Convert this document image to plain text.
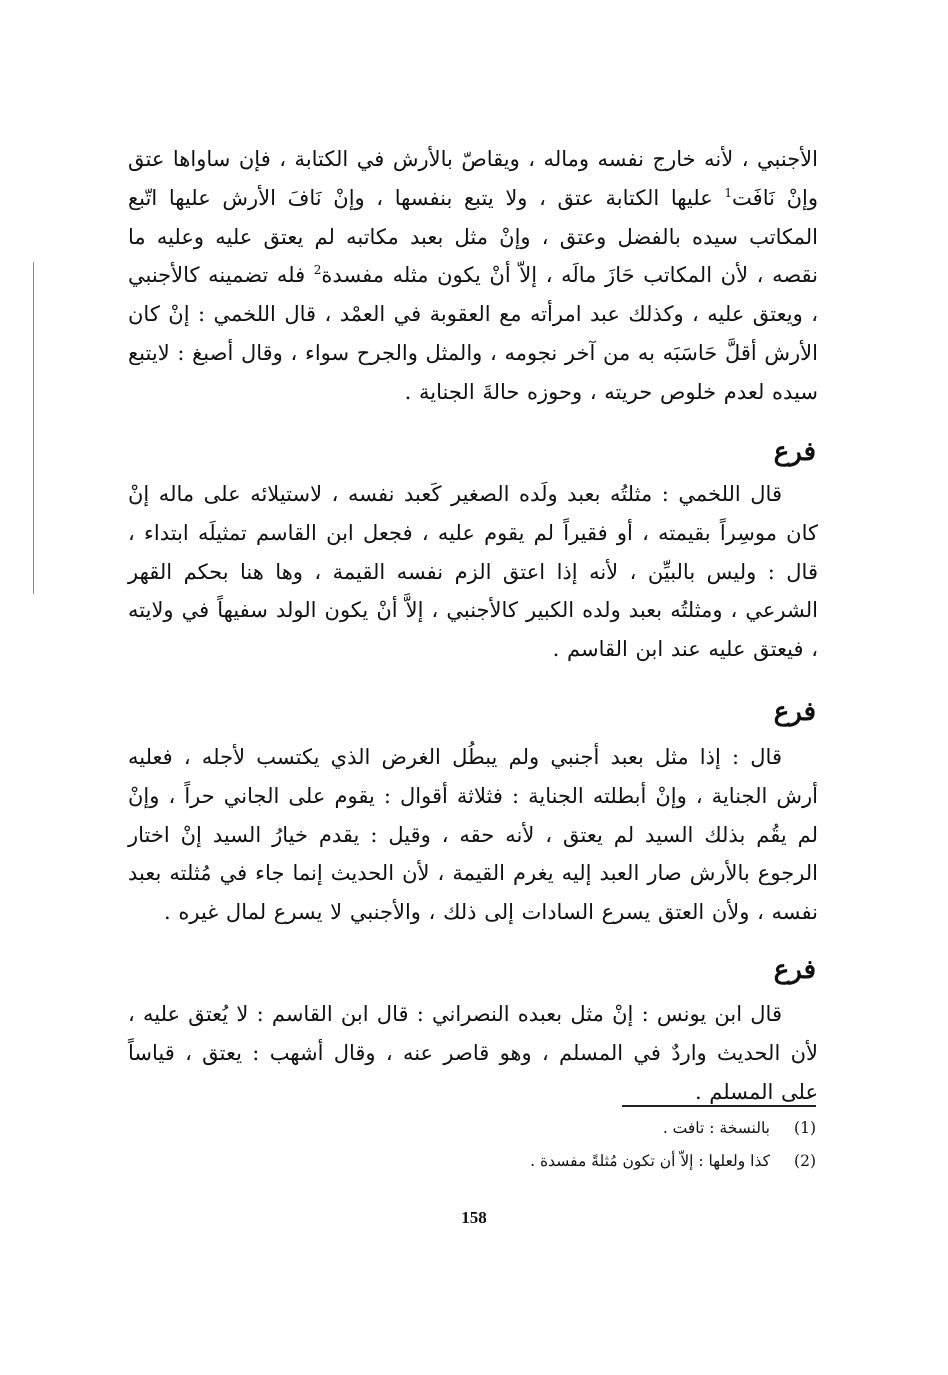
الأجنبي ، لأنه خارج نفسه وماله ، ويقاصّ بالأرش في الكتابة ، فإن ساواها عتق وإنْ نَافَت$^1$ عليها الكتابة عتق ، ولا يتبع بنفسها ، وإنْ نَافَ الأرش عليها اتّبع المكاتب سيده بالفضل وعتق ، وإنْ مثل بعبد مكاتبه لم يعتق عليه وعليه ما نقصه ، لأن المكاتب حَازَ مالَه ، إلاّ أنْ يكون مثله مفسدة$^2$ فله تضمينه كالأجنبي ، ويعتق عليه ، وكذلك عبد امرأته مع العقوبة في العمْد ، قال اللخمي : إنْ كان الأرش أقلَّ حَاسَبَه به من آخر نجومه ، والمثل والجرح سواء ، وقال أصبغ : لايتبع سيده لعدم خلوص حريته ، وحوزه حالةَ الجناية .

فرع

قال اللخمي : مثلتُه بعبد ولَده الصغير كَعبد نفسه ، لاستيلائه على ماله إنْ كان موسِراً بقيمته ، أو فقيراً لم يقوم عليه ، فجعل ابن القاسم تمثيلَه ابتداء ، قال : وليس بالبيِّن ، لأنه إذا اعتق الزم نفسه القيمة ، وها هنا بحكم القهر الشرعي ، ومثلتُه بعبد ولده الكبير كالأجنبي ، إلاَّ أنْ يكون الولد سفيهاً في ولايته ، فيعتق عليه عند ابن القاسم .

فرع

قال : إذا مثل بعبد أجنبي ولم يبطُل الغرض الذي يكتسب لأجله ، فعليه أرش الجناية ، وإنْ أبطلته الجناية : فثلاثة أقوال : يقوم على الجاني حراً ، وإنْ لم يقُم بذلك السيد لم يعتق ، لأنه حقه ، وقيل : يقدم خيارُ السيد إنْ اختار الرجوع بالأرش صار العبد إليه يغرم القيمة ، لأن الحديث إنما جاء في مُثلته بعبد نفسه ، ولأن العتق يسرع السادات إلى ذلك ، والأجنبي لا يسرع لمال غيره .

فرع

قال ابن يونس : إنْ مثل بعبده النصراني : قال ابن القاسم : لا يُعتق عليه ، لأن الحديث واردٌ في المسلم ، وهو قاصر عنه ، وقال أشهب : يعتق ، قياساً على المسلم .

(1)بالنسخة : تافت .

(2)كذا ولعلها : إلاّ أن تكون مُثلةً مفسدة .

158
